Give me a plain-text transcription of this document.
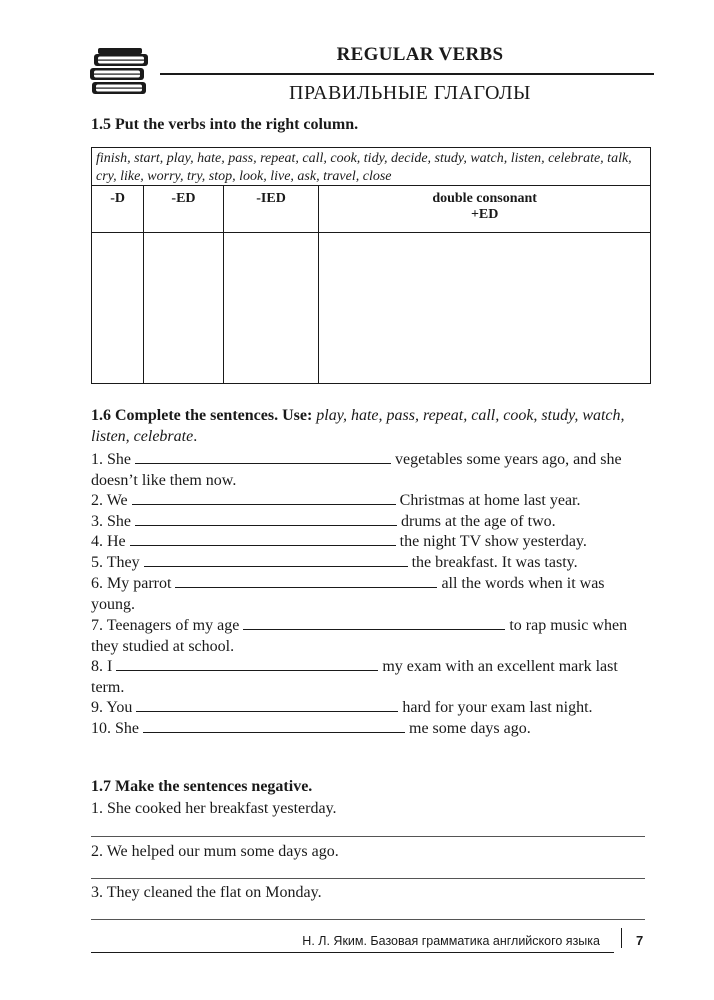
REGULAR VERBS
ПРАВИЛЬНЫЕ ГЛАГОЛЫ
1.5 Put the verbs into the right column.
finish, start, play, hate, pass, repeat, call, cook, tidy, decide, study, watch, listen, celebrate, talk, cry, like, worry, try, stop, look, live, ask, travel, close
-D	-ED	-IED	double consonant +ED

1.6 Complete the sentences. Use: play, hate, pass, repeat, call, cook, study, watch, listen, celebrate.
1. She	vegetables some years ago, and she
doesn’t like them now.
2. We	Christmas at home last year.
3. She	drums at the age of two.
4. He	the night TV show yesterday.
5. They	the breakfast. It was tasty.
6. My parrot	all the words when it was
young.
7. Teenagers of my age	to rap music when
they studied at school.
8. I	my exam with an excellent mark last
term.
9. You	hard for your exam last night.
10. She	me some days ago.
1.7 Make the sentences negative.
1. She cooked her breakfast yesterday.
2. We helped our mum some days ago.
3. They cleaned the flat on Monday.
Н. Л. Яким. Базовая грамматика английского языка	7
